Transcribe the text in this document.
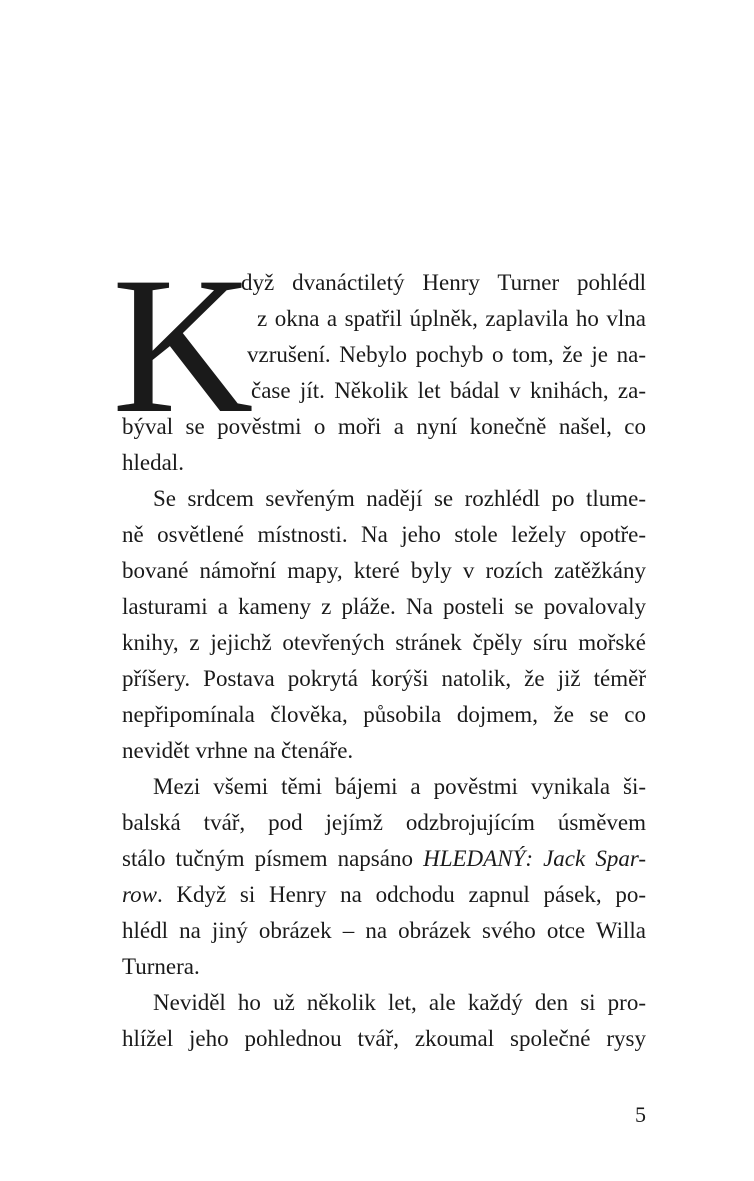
K
dyž dvanáctiletý Henry Turner pohlédl
z okna a spatřil úplněk, zaplavila ho vlna
vzrušení. Nebylo pochyb o tom, že je na-
čase jít. Několik let bádal v knihách, za-
býval se pověstmi o moři a nyní konečně našel, co
hledal.
Se srdcem sevřeným nadějí se rozhlédl po tlume-
ně osvětlené místnosti. Na jeho stole ležely opotře-
bované námořní mapy, které byly v rozích zatěžkány
lasturami a kameny z pláže. Na posteli se povalovaly
knihy, z jejichž otevřených stránek čpěly síru mořské
příšery. Postava pokrytá korýši natolik, že již téměř
nepřipomínala člověka, působila dojmem, že se co
nevidět vrhne na čtenáře.
Mezi všemi těmi bájemi a pověstmi vynikala ši-
balská tvář, pod jejímž odzbrojujícím úsměvem
stálo tučným písmem napsáno HLEDANÝ: Jack Spar-
row. Když si Henry na odchodu zapnul pásek, po-
hlédl na jiný obrázek – na obrázek svého otce Willa
Turnera.
Neviděl ho už několik let, ale každý den si pro-
hlížel jeho pohlednou tvář, zkoumal společné rysy
5
